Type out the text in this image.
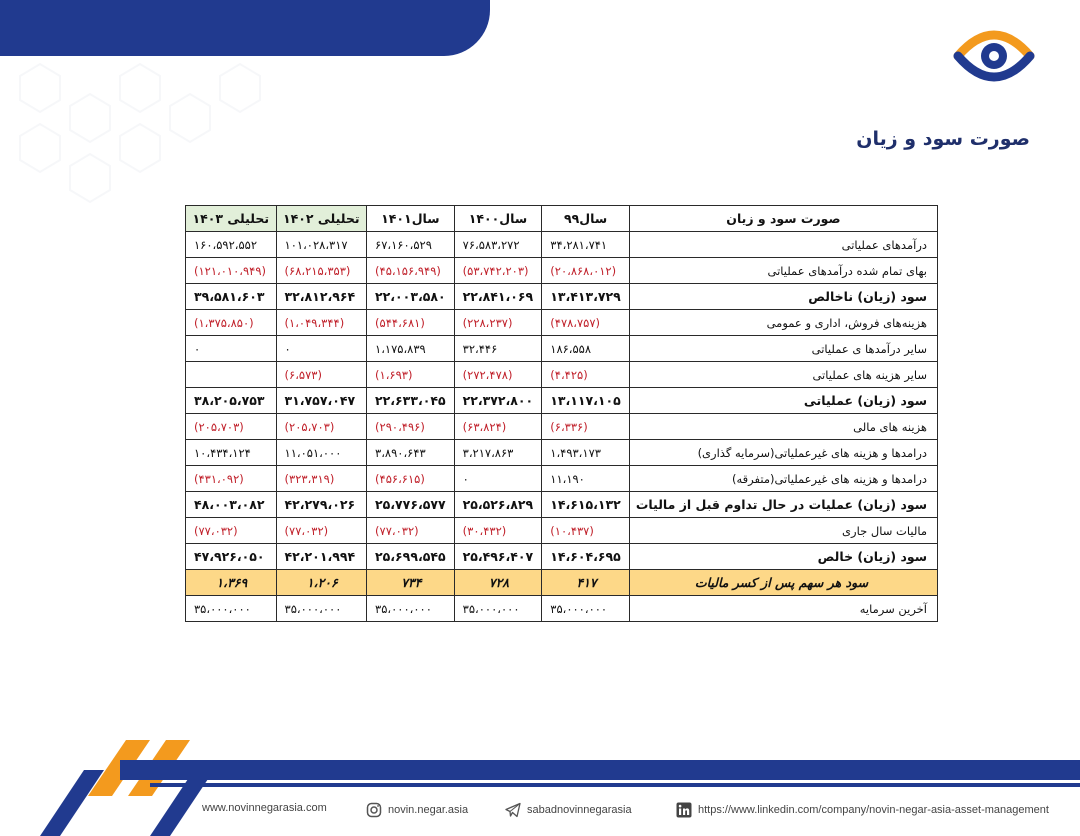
صورت سود و زیان
صورت سود و زیان	سال۹۹	سال۱۴۰۰	سال۱۴۰۱	تحلیلی ۱۴۰۲	تحلیلی ۱۴۰۳
درآمدهای عملیاتی	۳۴،۲۸۱،۷۴۱	۷۶،۵۸۳،۲۷۲	۶۷،۱۶۰،۵۲۹	۱۰۱،۰۲۸،۳۱۷	۱۶۰،۵۹۲،۵۵۲
بهای تمام شده درآمدهای عملیاتی	(۲۰،۸۶۸،۰۱۲)	(۵۳،۷۴۲،۲۰۳)	(۴۵،۱۵۶،۹۴۹)	(۶۸،۲۱۵،۳۵۳)	(۱۲۱،۰۱۰،۹۴۹)
سود (زیان) ناخالص	۱۳،۴۱۳،۷۲۹	۲۲،۸۴۱،۰۶۹	۲۲،۰۰۳،۵۸۰	۳۲،۸۱۲،۹۶۴	۳۹،۵۸۱،۶۰۳
هزینه‌های فروش، اداری و عمومی	(۴۷۸،۷۵۷)	(۲۲۸،۲۳۷)	(۵۴۴،۶۸۱)	(۱،۰۴۹،۳۴۴)	(۱،۳۷۵،۸۵۰)
سایر درآمدها ی عملیاتی	۱۸۶،۵۵۸	۳۲،۴۴۶	۱،۱۷۵،۸۳۹	۰	۰
سایر هزینه های عملیاتی	(۴،۴۲۵)	(۲۷۲،۴۷۸)	(۱،۶۹۳)	(۶،۵۷۳)	
سود (زیان) عملیاتی	۱۳،۱۱۷،۱۰۵	۲۲،۳۷۲،۸۰۰	۲۲،۶۳۳،۰۴۵	۳۱،۷۵۷،۰۴۷	۳۸،۲۰۵،۷۵۳
هزینه های مالی	(۶،۳۳۶)	(۶۳،۸۲۴)	(۲۹۰،۴۹۶)	(۲۰۵،۷۰۳)	(۲۰۵،۷۰۳)
درامدها و هزینه های غیرعملیاتی(سرمایه گذاری)	۱،۴۹۳،۱۷۳	۳،۲۱۷،۸۶۳	۳،۸۹۰،۶۴۳	۱۱،۰۵۱،۰۰۰	۱۰،۴۳۴،۱۲۴
درامدها و هزینه های غیرعملیاتی(متفرقه)	۱۱،۱۹۰	۰	(۴۵۶،۶۱۵)	(۳۲۳،۳۱۹)	(۴۳۱،۰۹۲)
سود (زیان) عملیات در حال تداوم قبل از مالیات	۱۴،۶۱۵،۱۳۲	۲۵،۵۲۶،۸۲۹	۲۵،۷۷۶،۵۷۷	۴۲،۲۷۹،۰۲۶	۴۸،۰۰۳،۰۸۲
مالیات سال جاری	(۱۰،۴۳۷)	(۳۰،۴۳۲)	(۷۷،۰۳۲)	(۷۷،۰۳۲)	(۷۷،۰۳۲)
سود (زیان) خالص	۱۴،۶۰۴،۶۹۵	۲۵،۴۹۶،۴۰۷	۲۵،۶۹۹،۵۴۵	۴۲،۲۰۱،۹۹۴	۴۷،۹۲۶،۰۵۰
سود هر سهم پس از کسر مالیات	۴۱۷	۷۲۸	۷۳۴	۱،۲۰۶	۱،۳۶۹
آخرین سرمایه	۳۵،۰۰۰،۰۰۰	۳۵،۰۰۰،۰۰۰	۳۵،۰۰۰،۰۰۰	۳۵،۰۰۰،۰۰۰	۳۵،۰۰۰،۰۰۰
www.novinnegarasia.com	novin.negar.asia	sabadnovinnegarasia	https://www.linkedin.com/company/novin-negar-asia-asset-management
